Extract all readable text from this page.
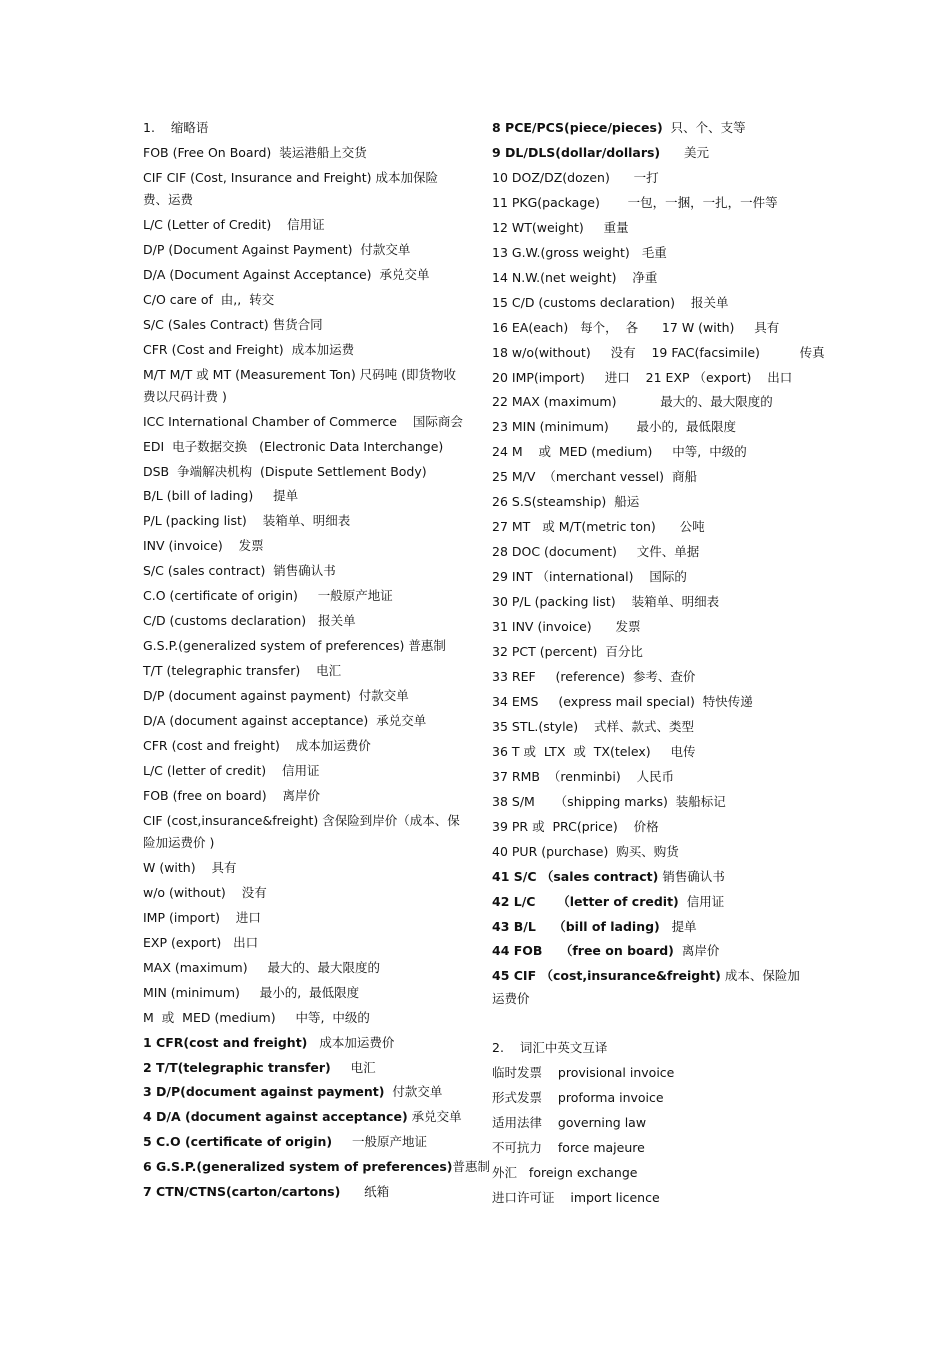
1.    缩略语

FOB (Free On Board)  装运港船上交货

CIF CIF (Cost, Insurance and Freight) 成本加保险费、运费

L/C (Letter of Credit)    信用证

D/P (Document Against Payment)  付款交单

D/A (Document Against Acceptance)  承兑交单

C/O care of  由,,  转交

S/C (Sales Contract) 售货合同

CFR (Cost and Freight)  成本加运费

M/T M/T 或 MT (Measurement Ton) 尺码吨 (即货物收费以尺码计费 )

ICC International Chamber of Commerce    国际商会

EDI  电子数据交换   (Electronic Data Interchange)

DSB  争端解决机构  (Dispute Settlement Body)

B/L (bill of lading)     提单

P/L (packing list)    装箱单、明细表

INV (invoice)    发票

S/C (sales contract)  销售确认书

C.O (certificate of origin)     一般原产地证

C/D (customs declaration)   报关单

G.S.P.(generalized system of preferences) 普惠制

T/T (telegraphic transfer)    电汇

D/P (document against payment)  付款交单

D/A (document against acceptance)  承兑交单

CFR (cost and freight)    成本加运费价

L/C (letter of credit)    信用证

FOB (free on board)    离岸价

CIF (cost,insurance&freight) 含保险到岸价（成本、保险加运费价 )

W (with)    具有

w/o (without)    没有

IMP (import)    进口

EXP (export)   出口

MAX (maximum)     最大的、最大限度的

MIN (minimum)     最小的,  最低限度

M  或  MED (medium)     中等,  中级的

1 CFR(cost and freight)   成本加运费价

2 T/T(telegraphic transfer)     电汇

3 D/P(document against payment)  付款交单

4 D/A (document against acceptance) 承兑交单

5 C.O (certificate of origin)     一般原产地证

6 G.S.P.(generalized system of preferences)普惠制

7 CTN/CTNS(carton/cartons)      纸箱

8 PCE/PCS(piece/pieces)  只、个、支等

9 DL/DLS(dollar/dollars)      美元

10 DOZ/DZ(dozen)      一打

11 PKG(package)       一包，一捆，一扎，一件等

12 WT(weight)     重量

13 G.W.(gross weight)   毛重

14 N.W.(net weight)    净重

15 C/D (customs declaration)    报关单

16 EA(each)   每个，  各      17 W (with)     具有

18 w/o(without)     没有    19 FAC(facsimile)          传真

20 IMP(import)     进口    21 EXP （export)    出口

22 MAX (maximum)           最大的、最大限度的

23 MIN (minimum)       最小的,  最低限度

24 M    或  MED (medium)     中等,  中级的

25 M/V  （merchant vessel)  商船

26 S.S(steamship)  船运

27 MT   或 M/T(metric ton)      公吨

28 DOC (document)     文件、单据

29 INT （international)    国际的

30 P/L (packing list)    装箱单、明细表

31 INV (invoice)      发票

32 PCT (percent)  百分比

33 REF     (reference)  参考、查价

34 EMS     (express mail special)  特快传递

35 STL.(style)    式样、款式、类型

36 T 或  LTX  或  TX(telex)     电传

37 RMB  （renminbi)    人民币

38 S/M     （shipping marks)  装船标记

39 PR 或  PRC(price)    价格

40 PUR (purchase)  购买、购货

41 S/C （sales contract) 销售确认书

42 L/C     （letter of credit)  信用证

43 B/L    （bill of lading)   提单

44 FOB    （free on board)  离岸价

45 CIF （cost,insurance&freight) 成本、保险加运费价

2.    词汇中英文互译

临时发票    provisional invoice

形式发票    proforma invoice

适用法律    governing law

不可抗力    force majeure

外汇   foreign exchange

进口许可证    import licence
